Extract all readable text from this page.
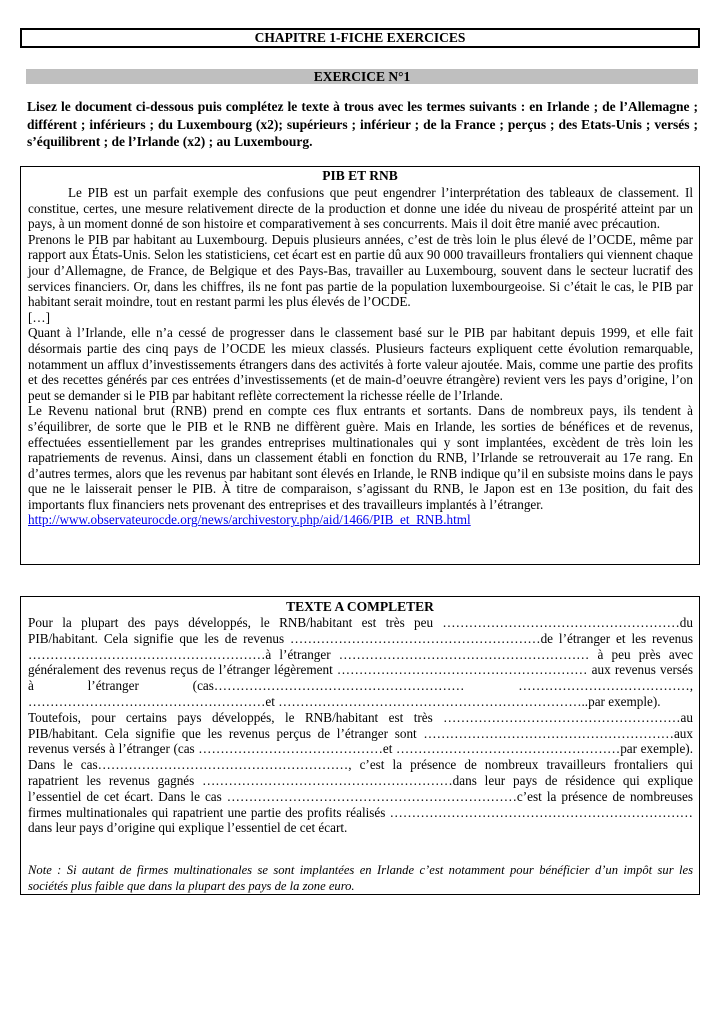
CHAPITRE 1-FICHE EXERCICES
EXERCICE N°1

Lisez le document ci-dessous puis complétez le texte à trous avec les termes suivants : en Irlande ; de l’Allemagne ; différent ; inférieurs ; du Luxembourg (x2); supérieurs ; inférieur ; de la France ; perçus ; des Etats-Unis ; versés ; s’équilibrent ; de l’Irlande (x2) ; au Luxembourg.

PIB ET RNB

Le PIB est un parfait exemple des confusions que peut engendrer l’interprétation des tableaux de classement. Il constitue, certes, une mesure relativement directe de la production et donne une idée du niveau de prospérité atteint par un pays, à un moment donné de son histoire et comparativement à ses concurrents. Mais il doit être manié avec précaution.

Prenons le PIB par habitant au Luxembourg. Depuis plusieurs années, c’est de très loin le plus élevé de l’OCDE, même par rapport aux États-Unis. Selon les statisticiens, cet écart est en partie dû aux 90 000 travailleurs frontaliers qui viennent chaque jour d’Allemagne, de France, de Belgique et des Pays-Bas, travailler au Luxembourg, souvent dans le secteur lucratif des services financiers. Or, dans les chiffres, ils ne font pas partie de la population luxembourgeoise. Si c’était le cas, le PIB par habitant serait moindre, tout en restant parmi les plus élevés de l’OCDE.

[…]

Quant à l’Irlande, elle n’a cessé de progresser dans le classement basé sur le PIB par habitant depuis 1999, et elle fait désormais partie des cinq pays de l’OCDE les mieux classés. Plusieurs facteurs expliquent cette évolution remarquable, notamment un afflux d’investissements étrangers dans des activités à forte valeur ajoutée. Mais, comme une partie des profits et des recettes générés par ces entrées d’investissements (et de main-d’oeuvre étrangère) revient vers les pays d’origine, l’on peut se demander si le PIB par habitant reflète correctement la richesse réelle de l’Irlande.

Le Revenu national brut (RNB) prend en compte ces flux entrants et sortants. Dans de nombreux pays, ils tendent à s’équilibrer, de sorte que le PIB et le RNB ne diffèrent guère. Mais en Irlande, les sorties de bénéfices et de revenus, effectuées essentiellement par les grandes entreprises multinationales qui y sont implantées, excèdent de très loin les rapatriements de revenus. Ainsi, dans un classement établi en fonction du RNB, l’Irlande se retrouverait au 17e rang. En d’autres termes, alors que les revenus par habitant sont élevés en Irlande, le RNB indique qu’il en subsiste moins dans le pays que ne le laisserait penser le PIB. À titre de comparaison, s’agissant du RNB, le Japon est en 13e position, du fait des importants flux financiers nets provenant des entreprises et des travailleurs implantés à l’étranger.

http://www.observateurocde.org/news/archivestory.php/aid/1466/PIB_et_RNB.html

TEXTE A COMPLETER

Pour la plupart des pays développés, le RNB/habitant est très peu ………………………………………………du PIB/habitant. Cela signifie que les de revenus …………………………………………………de l’étranger et les revenus ………………………………………………à l’étranger ………………………………………………… à peu près avec généralement des revenus reçus de l’étranger légèrement ………………………………………………… aux revenus versés à l’étranger (cas………………………………………………… …………………………………, ………………………………………………et ……………………………………………………………..par exemple).

Toutefois, pour certains pays développés, le RNB/habitant est très ………………………………………………au PIB/habitant. Cela signifie que les revenus perçus de l’étranger sont …………………………………………………aux revenus versés à l’étranger (cas ……………………………………et ……………………………………………par exemple). Dans le cas…………………………………………………, c’est la présence de nombreux travailleurs frontaliers qui rapatrient les revenus gagnés …………………………………………………dans leur pays de résidence qui explique l’essentiel de cet écart. Dans le cas …………………………………………………………c’est la présence de nombreuses firmes multinationales qui rapatrient une partie des profits réalisés ……………………………………………………………dans leur pays d’origine qui explique l’essentiel de cet écart.

Note : Si autant de firmes multinationales se sont implantées en Irlande c’est notamment pour bénéficier d’un impôt sur les sociétés plus faible que dans la plupart des pays de la zone euro.
